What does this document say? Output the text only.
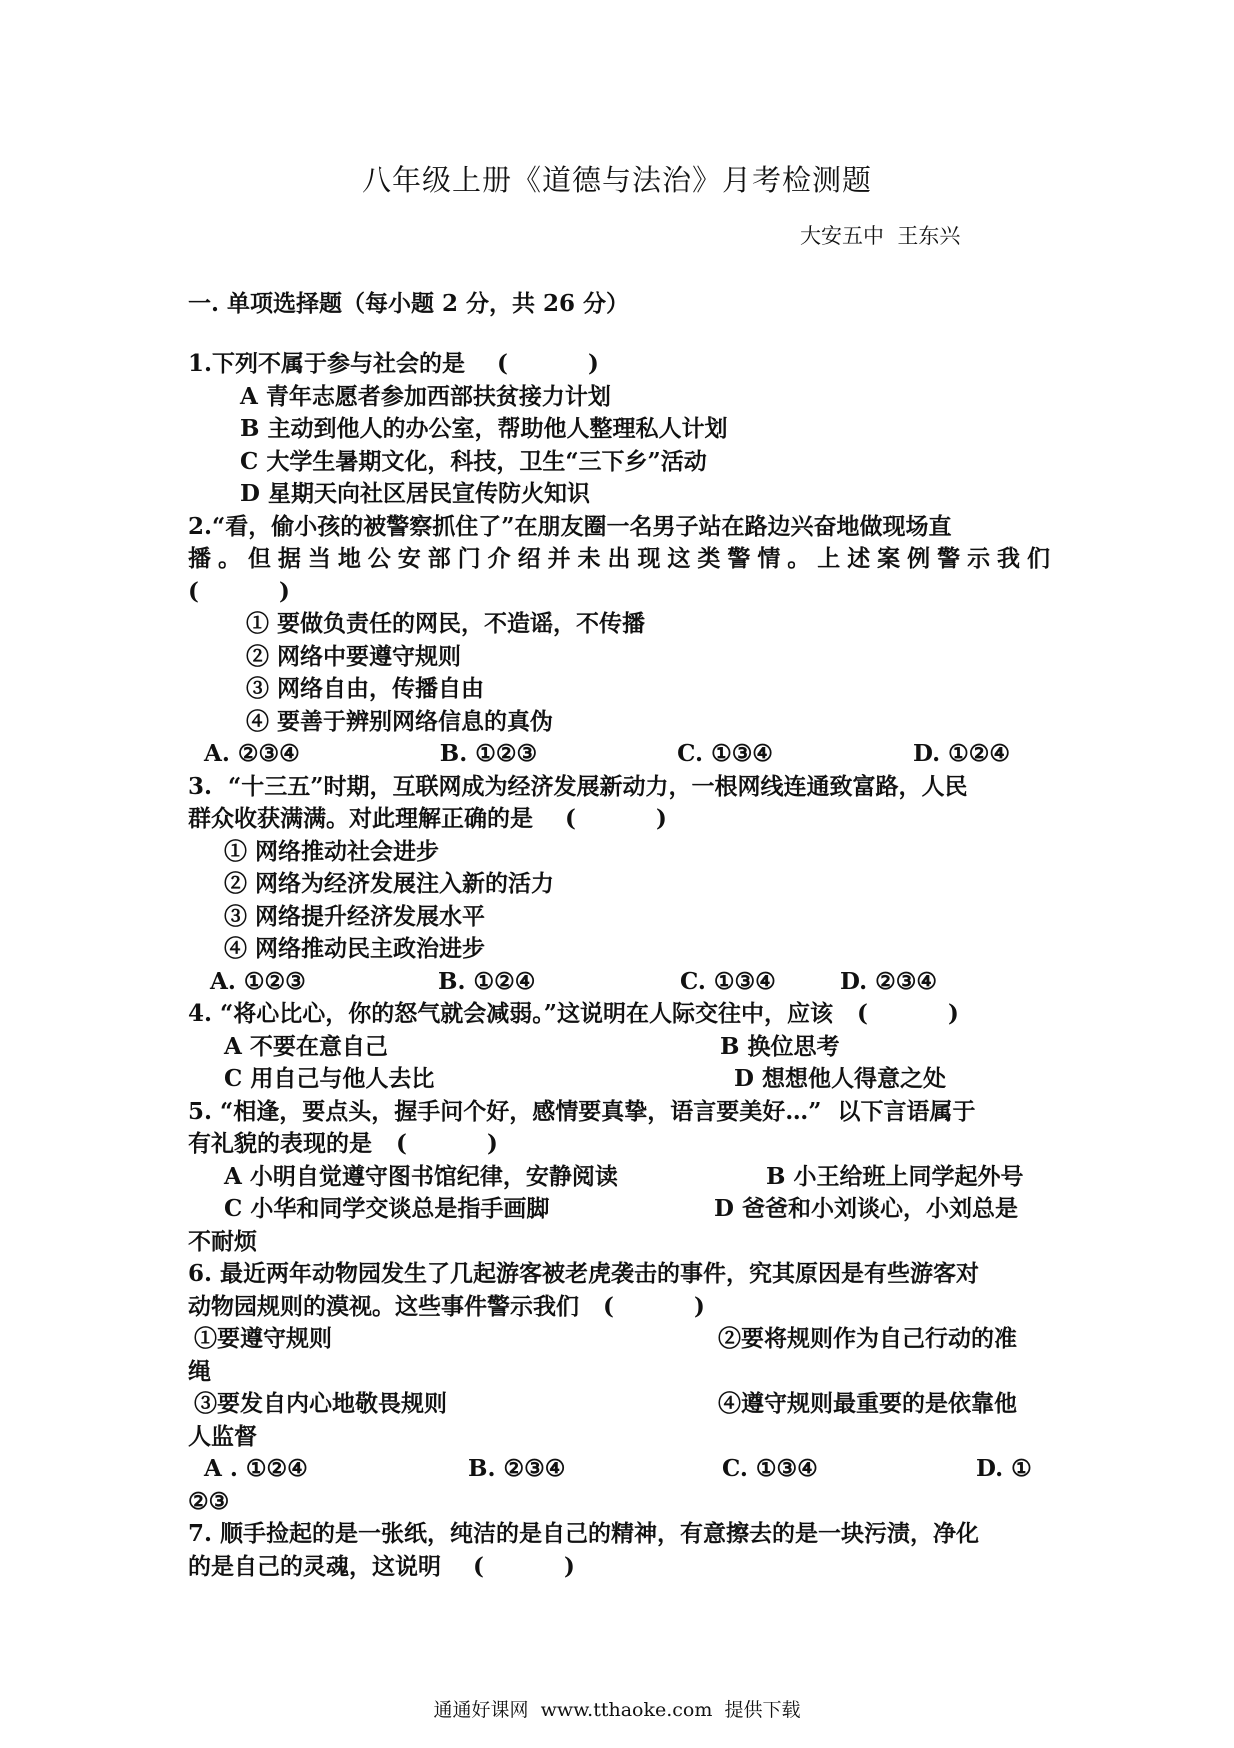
八年级上册《道德与法治》月考检测题
大安五中  王东兴
一. 单项选择题（每小题 2 分，共 26 分）
1.下列不属于参与社会的是    (          )
A 青年志愿者参加西部扶贫接力计划
B 主动到他人的办公室，帮助他人整理私人计划
C 大学生暑期文化，科技，卫生“三下乡”活动
D 星期天向社区居民宣传防火知识
2.“看，偷小孩的被警察抓住了”在朋友圈一名男子站在路边兴奋地做现场直
播。但据当地公安部门介绍并未出现这类警情。上述案例警示我们
(          )
① 要做负责任的网民，不造谣，不传播
② 网络中要遵守规则
③ 网络自由，传播自由
④ 要善于辨别网络信息的真伪
A. ②③④	B. ①②③	C. ①③④	D. ①②④
3.  “十三五”时期，互联网成为经济发展新动力，一根网线连通致富路，人民
群众收获满满。对此理解正确的是    (          )
① 网络推动社会进步
② 网络为经济发展注入新的活力
③ 网络提升经济发展水平
④ 网络推动民主政治进步
A. ①②③	B. ①②④	C. ①③④	D. ②③④
4. “将心比心，你的怒气就会减弱。”这说明在人际交往中，应该   (          )
A 不要在意自己	B 换位思考
C 用自己与他人去比	D 想想他人得意之处
5. “相逢，要点头，握手问个好，感情要真挚，语言要美好…”  以下言语属于
有礼貌的表现的是   (          )
A 小明自觉遵守图书馆纪律，安静阅读	B 小王给班上同学起外号
C 小华和同学交谈总是指手画脚	D 爸爸和小刘谈心，小刘总是
不耐烦
6. 最近两年动物园发生了几起游客被老虎袭击的事件，究其原因是有些游客对
动物园规则的漠视。这些事件警示我们   (          )
①要遵守规则	②要将规则作为自己行动的准
绳
③要发自内心地敬畏规则	④遵守规则最重要的是依靠他
人监督
A . ①②④	B. ②③④	C. ①③④	D. ①
②③
7. 顺手捡起的是一张纸，纯洁的是自己的精神，有意擦去的是一块污渍，净化
的是自己的灵魂，这说明    (          )
通通好课网  www.tthaoke.com  提供下载
